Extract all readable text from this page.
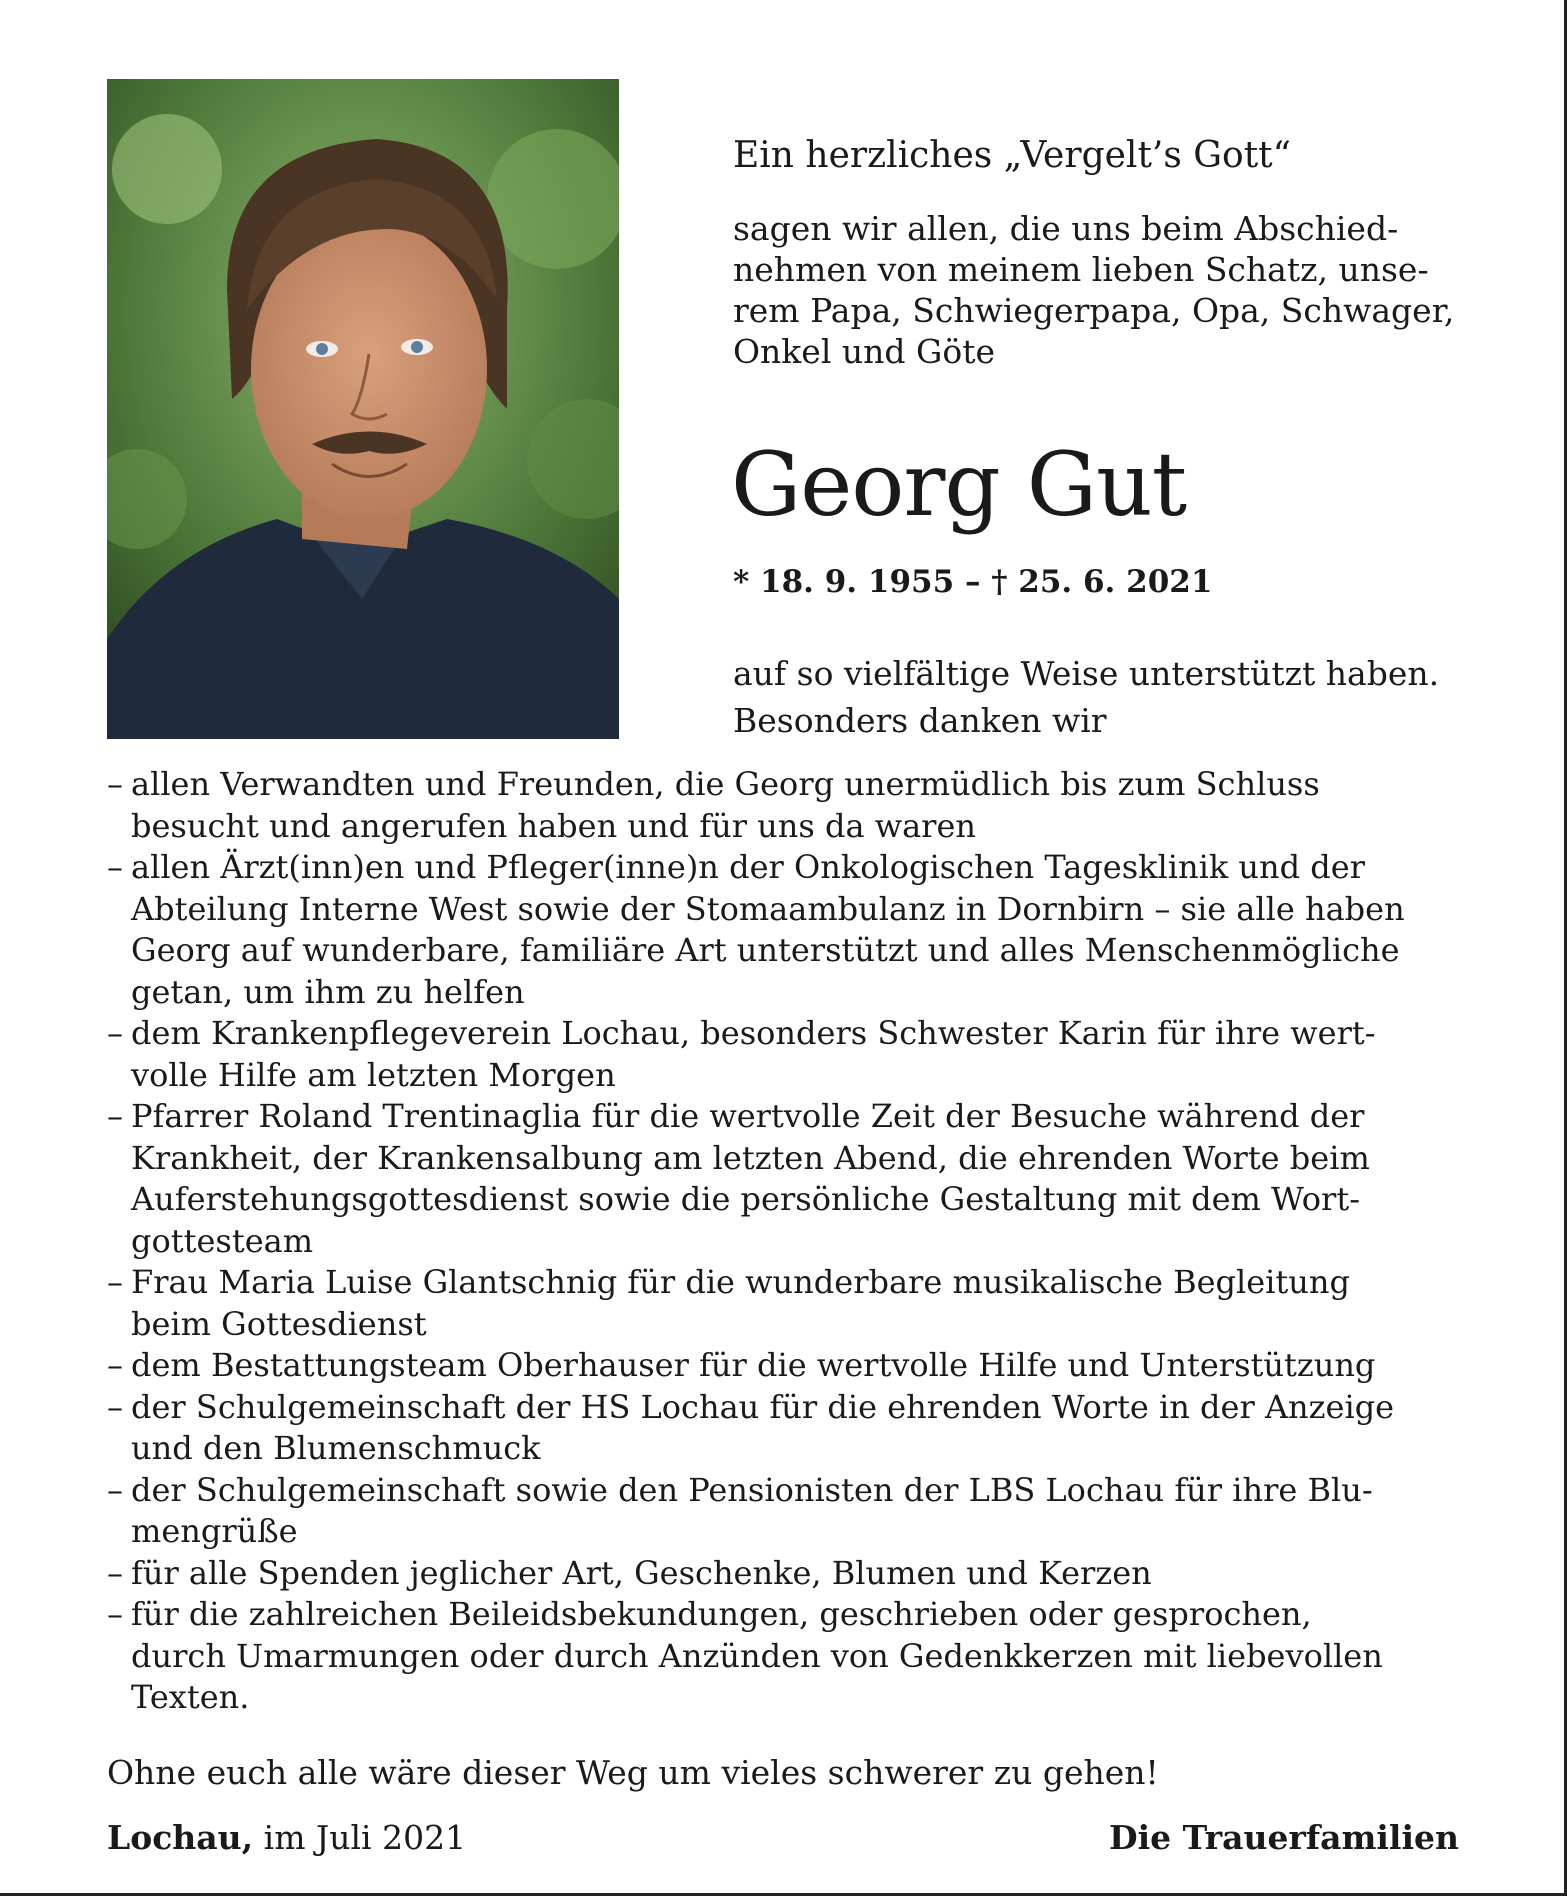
Ein herzliches „Vergelt’s Gott“
sagen wir allen, die uns beim Abschied-
nehmen von meinem lieben Schatz, unse-
rem Papa, Schwiegerpapa, Opa, Schwager,
Onkel und Göte
Georg Gut
* 18. 9. 1955 – † 25. 6. 2021
auf so vielfältige Weise unterstützt haben.
Besonders danken wir
– allen Verwandten und Freunden, die Georg unermüdlich bis zum Schluss
besucht und angerufen haben und für uns da waren
– allen Ärzt(inn)en und Pfleger(inne)n der Onkologischen Tagesklinik und der
Abteilung Interne West sowie der Stomaambulanz in Dornbirn – sie alle haben
Georg auf wunderbare, familiäre Art unterstützt und alles Menschenmögliche
getan, um ihm zu helfen
– dem Krankenpflegeverein Lochau, besonders Schwester Karin für ihre wert-
volle Hilfe am letzten Morgen
– Pfarrer Roland Trentinaglia für die wertvolle Zeit der Besuche während der
Krankheit, der Krankensalbung am letzten Abend, die ehrenden Worte beim
Auferstehungsgottesdienst sowie die persönliche Gestaltung mit dem Wort-
gottesteam
– Frau Maria Luise Glantschnig für die wunderbare musikalische Begleitung
beim Gottesdienst
– dem Bestattungsteam Oberhauser für die wertvolle Hilfe und Unterstützung
– der Schulgemeinschaft der HS Lochau für die ehrenden Worte in der Anzeige
und den Blumenschmuck
– der Schulgemeinschaft sowie den Pensionisten der LBS Lochau für ihre Blu-
mengrüße
– für alle Spenden jeglicher Art, Geschenke, Blumen und Kerzen
– für die zahlreichen Beileidsbekundungen, geschrieben oder gesprochen,
durch Umarmungen oder durch Anzünden von Gedenkkerzen mit liebevollen
Texten.
Ohne euch alle wäre dieser Weg um vieles schwerer zu gehen!
Lochau, im Juli 2021	Die Trauerfamilien
